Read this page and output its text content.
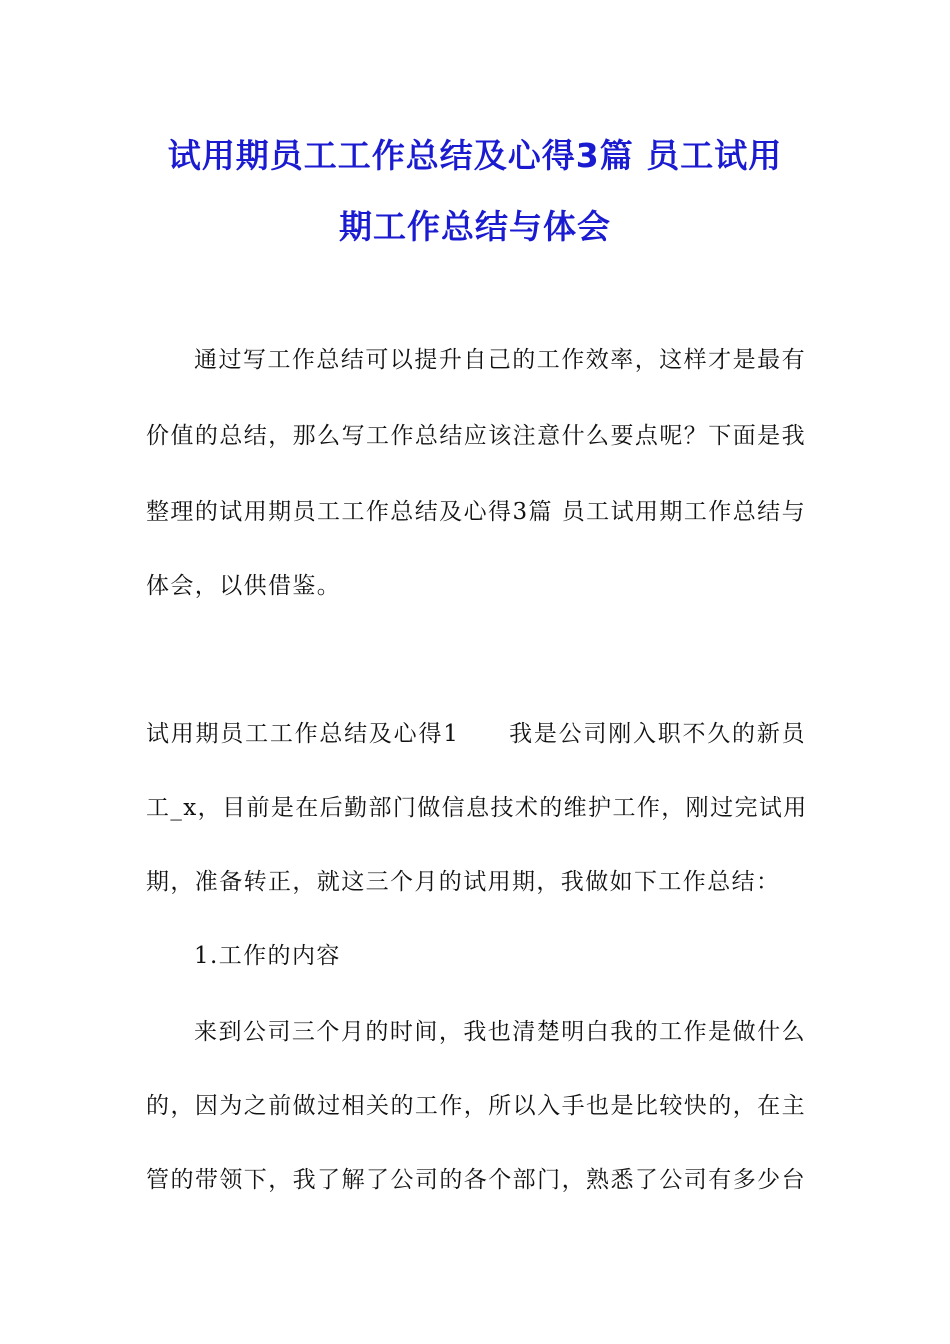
试用期员工工作总结及心得3篇 员工试用
期工作总结与体会
通过写工作总结可以提升自己的工作效率，这样才是最有
价值的总结，那么写工作总结应该注意什么要点呢？下面是我
整理的试用期员工工作总结及心得3篇 员工试用期工作总结与
体会，以供借鉴。
试用期员工工作总结及心得1　　我是公司刚入职不久的新员
工_x，目前是在后勤部门做信息技术的维护工作，刚过完试用
期，准备转正，就这三个月的试用期，我做如下工作总结：
1.工作的内容
来到公司三个月的时间，我也清楚明白我的工作是做什么
的，因为之前做过相关的工作，所以入手也是比较快的，在主
管的带领下，我了解了公司的各个部门，熟悉了公司有多少台
